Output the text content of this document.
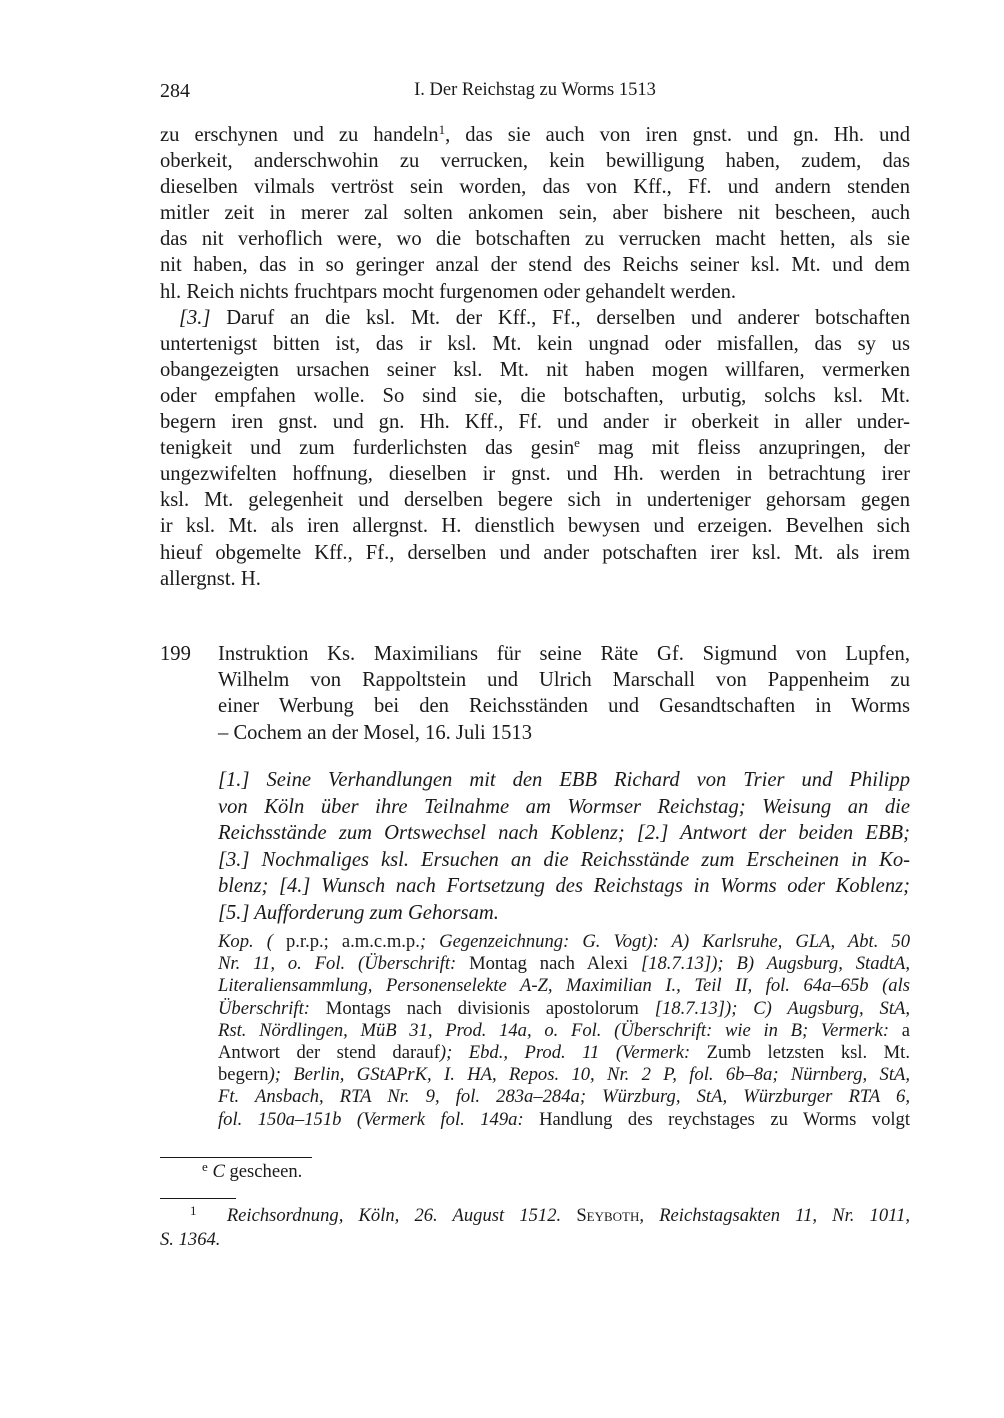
284	I. Der Reichstag zu Worms 1513

zu erschynen und zu handeln$^1$, das sie auch von iren gnst. und gn. Hh. und
oberkeit, anderschwohin zu verrucken, kein bewilligung haben, zudem, das
dieselben vilmals vertröst sein worden, das von Kff., Ff. und andern stenden
mitler zeit in merer zal solten ankomen sein, aber bishere nit bescheen, auch
das nit verhoflich were, wo die botschaften zu verrucken macht hetten, als sie
nit haben, das in so geringer anzal der stend des Reichs seiner ksl. Mt. und dem
hl. Reich nichts fruchtpars mocht furgenomen oder gehandelt werden.

[3.] Daruf an die ksl. Mt. der Kff., Ff., derselben und anderer botschaften
untertenigst bitten ist, das ir ksl. Mt. kein ungnad oder misfallen, das sy us
obangezeigten ursachen seiner ksl. Mt. nit haben mogen willfaren, vermerken
oder empfahen wolle. So sind sie, die botschaften, urbutig, solchs ksl. Mt.
begern iren gnst. und gn. Hh. Kff., Ff. und ander ir oberkeit in aller under-
tenigkeit und zum furderlichsten das gesin$^e$ mag mit fleiss anzupringen, der
ungezwifelten hoffnung, dieselben ir gnst. und Hh. werden in betrachtung irer
ksl. Mt. gelegenheit und derselben begere sich in underteniger gehorsam gegen
ir ksl. Mt. als iren allergnst. H. dienstlich bewysen und erzeigen. Bevelhen sich
hieuf obgemelte Kff., Ff., derselben und ander potschaften irer ksl. Mt. als irem
allergnst. H.

199 Instruktion Ks. Maximilians für seine Räte Gf. Sigmund von Lupfen,
Wilhelm von Rappoltstein und Ulrich Marschall von Pappenheim zu
einer Werbung bei den Reichsständen und Gesandtschaften in Worms
– Cochem an der Mosel, 16. Juli 1513
[1.] Seine Verhandlungen mit den EBB Richard von Trier und Philipp
von Köln über ihre Teilnahme am Wormser Reichstag; Weisung an die
Reichsstände zum Ortswechsel nach Koblenz; [2.] Antwort der beiden EBB;
[3.] Nochmaliges ksl. Ersuchen an die Reichsstände zum Erscheinen in Ko-
blenz; [4.] Wunsch nach Fortsetzung des Reichstags in Worms oder Koblenz;
[5.] Aufforderung zum Gehorsam.
Kop. ( p.r.p.; a.m.c.m.p.; Gegenzeichnung: G. Vogt): A) Karlsruhe, GLA, Abt. 50
Nr. 11, o. Fol. (Überschrift: Montag nach Alexi [18.7.13]); B) Augsburg, StadtA,
Literaliensammlung, Personenselekte A-Z, Maximilian I., Teil II, fol. 64a–65b (als
Überschrift: Montags nach divisionis apostolorum [18.7.13]); C) Augsburg, StA,
Rst. Nördlingen, MüB 31, Prod. 14a, o. Fol. (Überschrift: wie in B; Vermerk: a
Antwort der stend darauf); Ebd., Prod. 11 (Vermerk: Zumb letzsten ksl. Mt.
begern); Berlin, GStAPrK, I. HA, Repos. 10, Nr. 2 P, fol. 6b–8a; Nürnberg, StA,
Ft. Ansbach, RTA Nr. 9, fol. 283a–284a; Würzburg, StA, Würzburger RTA 6,
fol. 150a–151b (Vermerk fol. 149a: Handlung des reychstages zu Worms volgt
$^e$ C gescheen.
$^1$ Reichsordnung, Köln, 26. August 1512. Seyboth, Reichstagsakten 11, Nr. 1011,
S. 1364.
